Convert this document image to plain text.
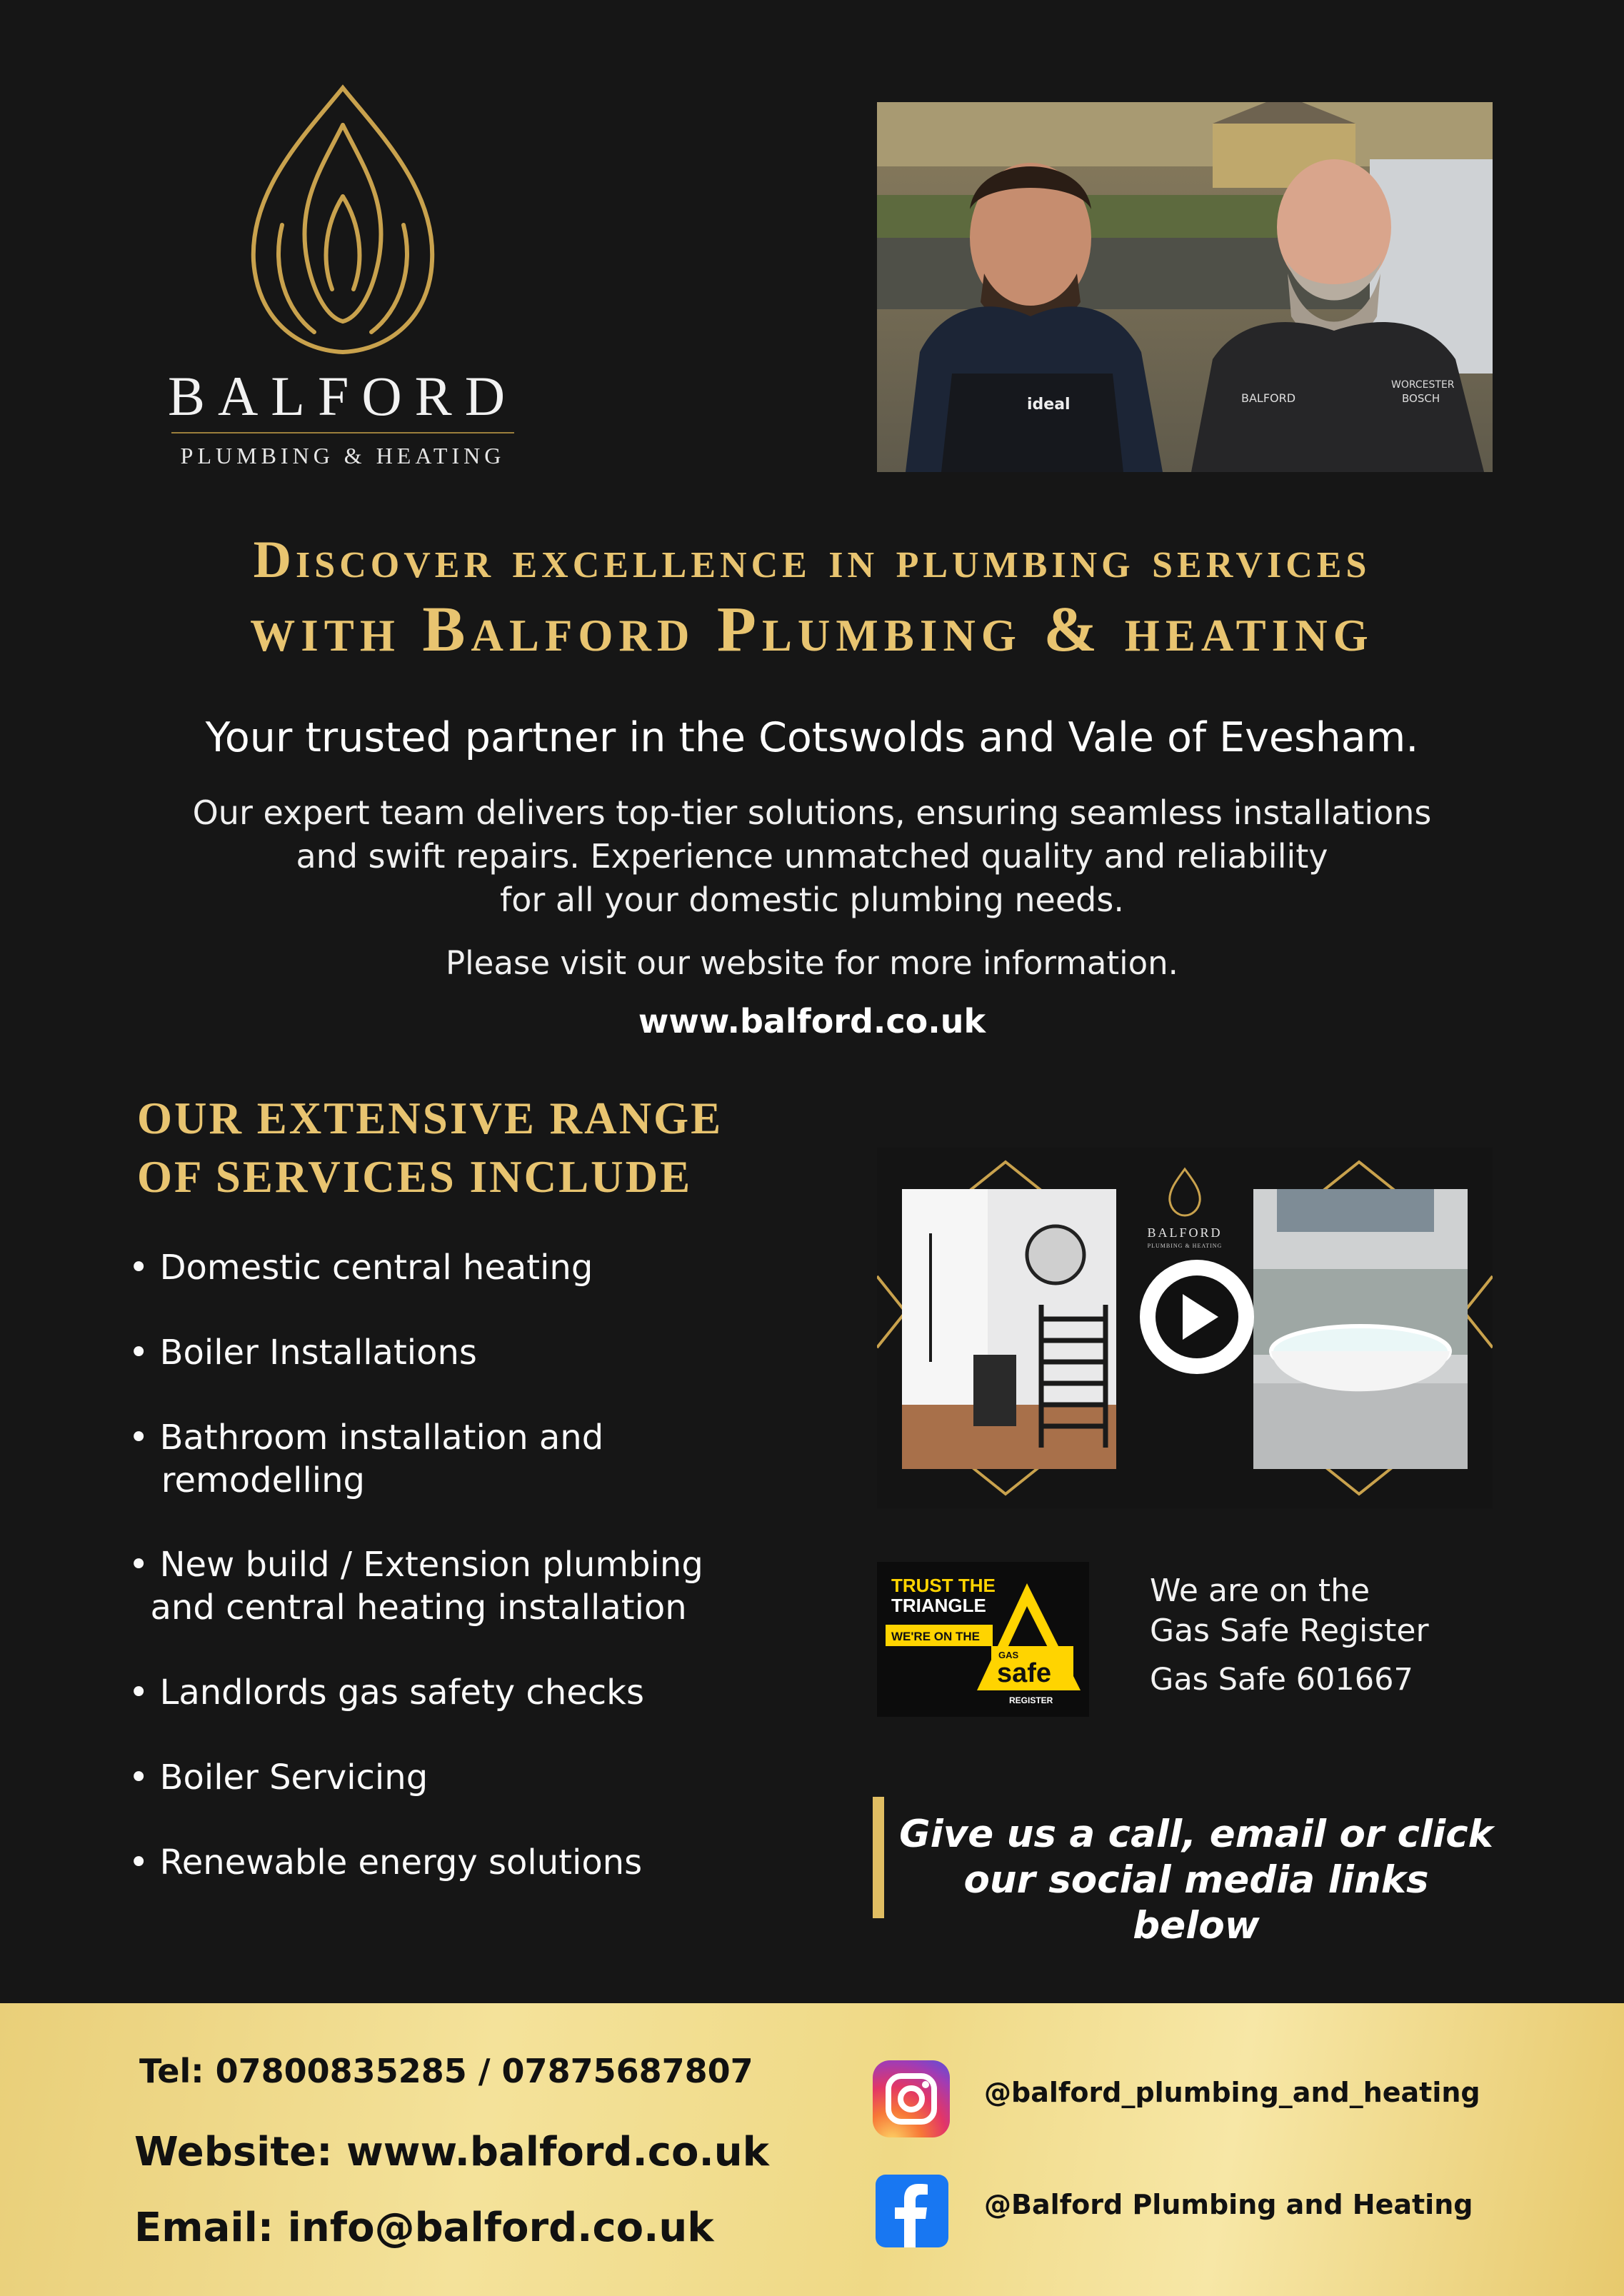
BALFORD
PLUMBING & HEATING
BALFORD
WORCESTER
BOSCH
ideal
Discover excellence in plumbing services
with Balford Plumbing & heating
Your trusted partner in the Cotswolds and Vale of Evesham.
Our expert team delivers top-tier solutions, ensuring seamless installations
and swift repairs. Experience unmatched quality and reliability
for all your domestic plumbing needs.
Please visit our website for more information.
www.balford.co.uk
OUR EXTENSIVE RANGE
OF SERVICES INCLUDE
• Domestic central heating
• Boiler Installations
• Bathroom installation and
remodelling
• New build / Extension plumbing
and central heating installation
• Landlords gas safety checks
• Boiler Servicing
• Renewable energy solutions
BALFORD
PLUMBING & HEATING
TRUST THE
TRIANGLE
WE'RE ON THE
GAS
safe
REGISTER
We are on the
Gas Safe Register
Gas Safe 601667
Give us a call, email or click
our social media links below
Tel: 07800835285 / 07875687807
Website: www.balford.co.uk
Email: info@balford.co.uk
@balford_plumbing_and_heating
@Balford Plumbing and Heating
